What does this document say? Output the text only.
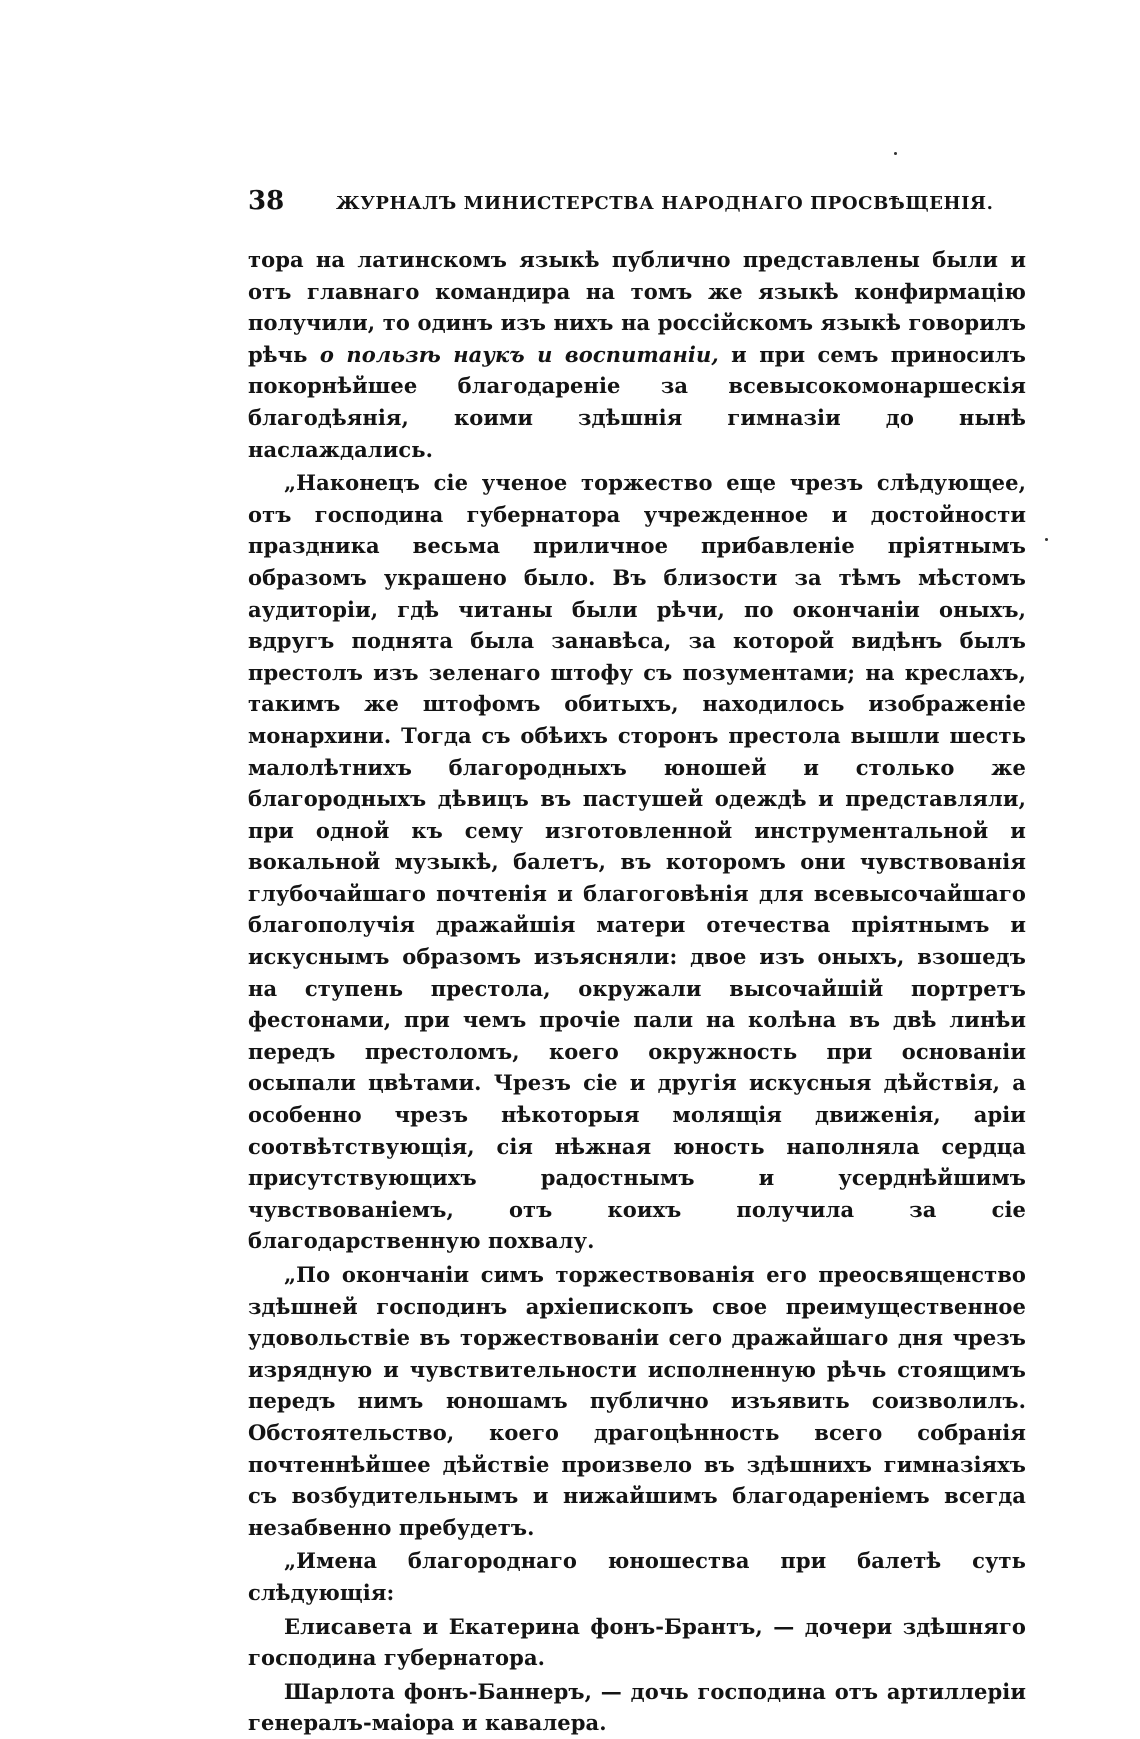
38	ЖУРНАЛЪ МИНИСТЕРСТВА НАРОДНАГО ПРОСВѢЩЕНІЯ.

тора на латинскомъ языкѣ публично представлены были и отъ главнаго командира на томъ же языкѣ конфирмацію получили, то одинъ изъ нихъ на россійскомъ языкѣ говорилъ рѣчь о пользѣ наукъ и воспитаніи, и при семъ приносилъ покорнѣйшее благодареніе за всевысокомонаршескія благодѣянія, коими здѣшнія гимназіи до нынѣ наслаждались.

„Наконецъ сіе ученое торжество еще чрезъ слѣдующее, отъ господина губернатора учрежденное и достойности праздника весьма приличное прибавленіе пріятнымъ образомъ украшено было. Въ близости за тѣмъ мѣстомъ аудиторіи, гдѣ читаны были рѣчи, по окончаніи оныхъ, вдругъ поднята была занавѣса, за которой видѣнъ былъ престолъ изъ зеленаго штофу съ позументами; на креслахъ, такимъ же штофомъ обитыхъ, находилось изображеніе монархини. Тогда съ обѣихъ сторонъ престола вышли шесть малолѣтнихъ благородныхъ юношей и столько же благородныхъ дѣвицъ въ пастушей одеждѣ и представляли, при одной къ сему изготовленной инструментальной и вокальной музыкѣ, балетъ, въ которомъ они чувствованія глубочайшаго почтенія и благоговѣнія для всевысочайшаго благополучія дражайшія матери отечества пріятнымъ и искуснымъ образомъ изъясняли: двое изъ оныхъ, взошедъ на ступень престола, окружали высочайшій портретъ фестонами, при чемъ прочіе пали на колѣна въ двѣ линѣи передъ престоломъ, коего окружность при основаніи осыпали цвѣтами. Чрезъ сіе и другія искусныя дѣйствія, а особенно чрезъ нѣкоторыя молящія движенія, аріи соотвѣтствующія, сія нѣжная юность наполняла сердца присутствующихъ радостнымъ и усерднѣйшимъ чувствованіемъ, отъ коихъ получила за сіе благодарственную похвалу.

„По окончаніи симъ торжествованія его преосвященство здѣшней господинъ архіепископъ свое преимущественное удовольствіе въ торжествованіи сего дражайшаго дня чрезъ изрядную и чувствительности исполненную рѣчь стоящимъ передъ нимъ юношамъ публично изъявить соизволилъ. Обстоятельство, коего драгоцѣнность всего собранія почтеннѣйшее дѣйствіе произвело въ здѣшнихъ гимназіяхъ съ возбудительнымъ и нижайшимъ благодареніемъ всегда незабвенно пребудетъ.

„Имена благороднаго юношества при балетѣ суть слѣдующія:

Елисавета и Екатерина фонъ-Брантъ, — дочери здѣшняго господина губернатора.

Шарлота фонъ-Баннеръ, — дочь господина отъ артиллеріи генералъ-маіора и кавалера.
